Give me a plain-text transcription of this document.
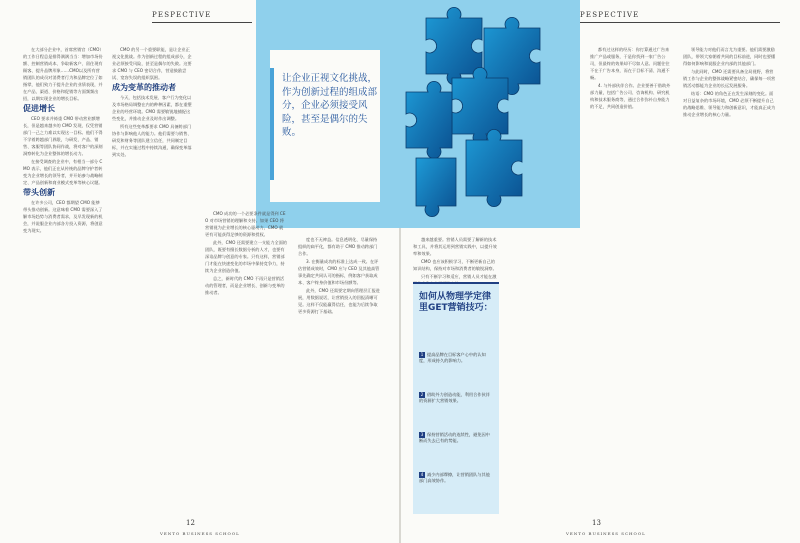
PESPECTIVE	PESPECTIVE
让企业正视文化挑战，作为创新过程的组成部分，企业必须接受风险，甚至是偶尔的失败。

在大部分企业中，首席营销官（CMO）的工作日程总是排得满满当当：增加市场份额、控制营销成本、争取新客户、留住现有顾客、提升品牌形象……CMO以及所有营销团队的成员对消费者行为和品牌定位了如指掌，他们致力于提升企业的业绩表现，并在产品、渠道、价格和促销等方面频频出招，以期实现企业的增长目标。

促进增长

CEO 要求并倚重 CMO 带动营业额增长，但是越来越多的 CMO 发现，仅凭营销部门一己之力难以实现这一目标。他们不得不学着跨越部门界限，与研发、产品、销售、客服等团队协同作战，将对客户的深刻洞察转化为企业整体的增长动力。

在接受调查的企业中，有相当一部分 CMO 表示，他们正在从传统的品牌守护者转变为企业增长的领导者，并开始参与战略制定、产品创新和商业模式变革等核心议题。

带头创新

在许多公司，CEO 都期望 CMO 能够带头推动创新。这意味着 CMO 需要深入了解市场趋势与消费者需求，及早发现新的机会，并说服企业内部各方投入资源，将创意变为现实。

CMO 的另一个重要职能，是让企业正视文化挑战。作为创新过程的组成部分，企业必须接受风险，甚至是偶尔的失败。这要求 CMO 与 CEO 密切合作，营造鼓励尝试、宽容失误的组织氛围。

成为变革的推动者

今天，包括技术发展、客户行为变化以及市场格局调整在内的种种因素，都在重塑企业的经营环境。CMO 需要敏锐地捕捉这些变化，并推动企业及时作出调整。

所有这些变革都要求 CMO 具备跨部门协作与影响他人的能力。他们需要与销售、研发和财务等团队建立信任，共同制定目标，并在实施过程中持续沟通，确保变革落到实处。

CMO 成功的一个必要条件就是得到 CEO 对市场营销的理解和支持。如果 CEO 将营销视为企业增长的核心驱动力，CMO 就更有可能获得足够的资源和授权。

此外，CMO 还需要建立一支能力全面的团队，既要有擅长数据分析的人才，也要有深谙品牌与创意的专家。只有这样，营销部门才能在快速变化的市场中保持竞争力，持续为企业创造价值。

总之，新时代的 CMO 不再只是营销活动的管理者，而是企业增长、创新与变革的推动者。

度也不无裨益。信息透明化、尽量保持组织的扁平化，都有助于 CMO 推动跨部门合作。

3. 在衡量成功的标准上达成一致。在评估营销成效时，CMO 应与 CEO 及其他高管事先确定共同认可的指标，例如客户获取成本、客户终身价值和市场份额等。

此外，CMO 还需要定期向管理层汇报进展，用数据说话，让营销投入的回报清晰可见。这样不仅能赢得信任，也能为后续争取更多资源打下基础。

越来越重要。营销人员需要了解新的技术和工具，并将其运用到营销实践中，以提升效率和效果。

CMO 也应该积极学习，不断更新自己的知识结构，保持对市场和消费者的敏锐洞察。

只有不断学习和适应，营销人员才能在激

都有过这样的经历：你打算通过广告来推广产品或服务，于是你找到一家广告公司，但最终的效果却不尽如人意。问题往往不在于广告本身，而在于目标不清、沟通不畅。

4. 与外部伙伴合作。企业要善于借助外部力量，包括广告公司、咨询机构、研究机构和技术服务商等，通过合作弥补自身能力的不足，共同创造价值。

领导能力对他们而言尤为重要。他们需要激励团队，带领大家朝着共同的目标前进，同时也要懂得如何影响和说服企业内部的其他部门。

与此同时，CMO 还需要具备全局视野，将营销工作与企业的整体战略紧密结合，确保每一项营销活动都能为企业的长远发展服务。

结语：CMO 的角色正在发生深刻的变化。面对日益复杂的市场环境，CMO 必须不断提升自己的战略思维、领导能力和创新意识，才能真正成为推动企业增长的核心力量。

如何从物理学定律里GET营销技巧：
1 提高品牌在目标客户心中的认知度，形成持久的影响力。
2 借助外力创造动能，利用合作伙伴的资源扩大营销效果。
3 保持营销活动的连续性，避免因中断而失去已有的势能。
4 减少内部摩擦，让营销团队与其他部门高效协作。
12
VENTO BUSINESS SCHOOL
13
VENTO BUSINESS SCHOOL
